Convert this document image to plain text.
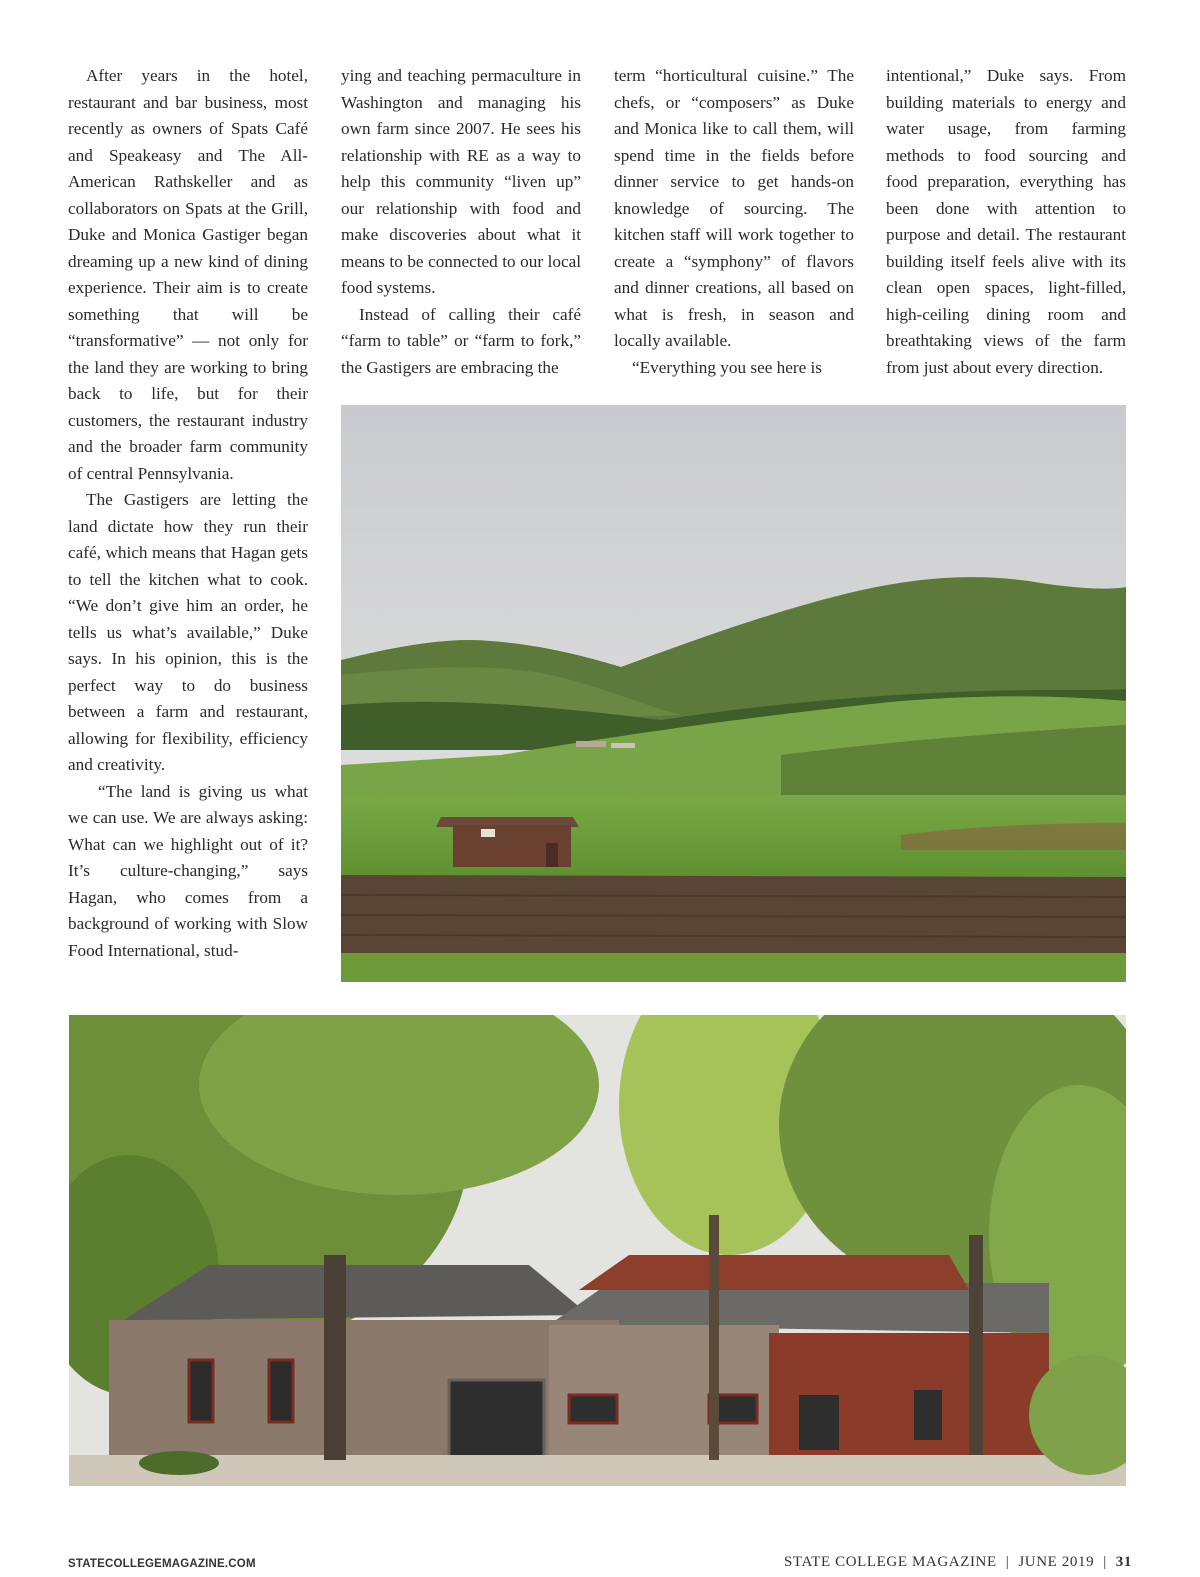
After years in the hotel, restaurant and bar business, most recently as owners of Spats Café and Speakeasy and The All-American Rathskeller and as collaborators on Spats at the Grill, Duke and Monica Gastiger began dreaming up a new kind of dining experience. Their aim is to create something that will be “transformative” — not only for the land they are working to bring back to life, but for their customers, the restaurant industry and the broader farm community of central Pennsylvania.

The Gastigers are letting the land dictate how they run their café, which means that Hagan gets to tell the kitchen what to cook. “We don’t give him an order, he tells us what’s available,” Duke says. In his opinion, this is the perfect way to do business between a farm and restaurant, allowing for flexibility, efficiency and creativity.

“The land is giving us what we can use. We are always asking: What can we highlight out of it? It’s culture-changing,” says Hagan, who comes from a background of working with Slow Food International, stud-

ying and teaching permaculture in Washington and managing his own farm since 2007. He sees his relationship with RE as a way to help this community “liven up” our relationship with food and make discoveries about what it means to be connected to our local food systems.

Instead of calling their café “farm to table” or “farm to fork,” the Gastigers are embracing the

term “horticultural cuisine.” The chefs, or “composers” as Duke and Monica like to call them, will spend time in the fields before dinner service to get hands-on knowledge of sourcing. The kitchen staff will work together to create a “symphony” of flavors and dinner creations, all based on what is fresh, in season and locally available.

“Everything you see here is

intentional,” Duke says. From building materials to energy and water usage, from farming methods to food sourcing and food preparation, everything has been done with attention to purpose and detail. The restaurant building itself feels alive with its clean open spaces, light-filled, high-ceiling dining room and breathtaking views of the farm from just about every direction.

STATECOLLEGEMAGAZINE.COM	STATE COLLEGE MAGAZINE | JUNE 2019 | 31
